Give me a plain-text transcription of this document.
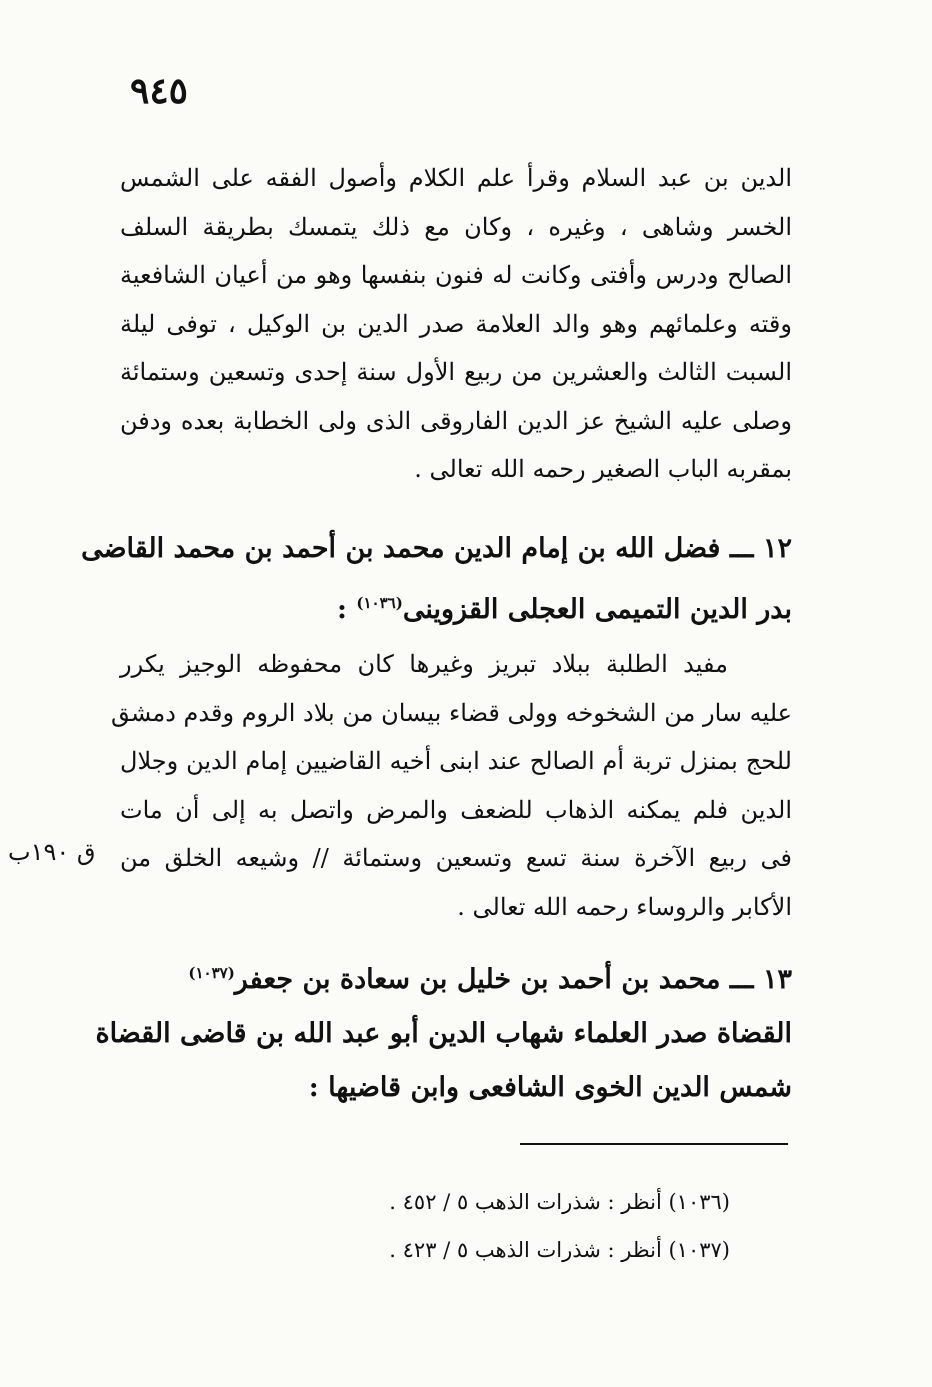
٩٤٥
الدين بن عبد السلام وقرأ علم الكلام وأصول الفقه على الشمس
الخسر وشاهى ، وغيره ، وكان مع ذلك يتمسك بطريقة السلف
الصالح ودرس وأفتى وكانت له فنون بنفسها وهو من أعيان الشافعية
وقته وعلمائهم وهو والد العلامة صدر الدين بن الوكيل ، توفى ليلة
السبت الثالث والعشرين من ربيع الأول سنة إحدى وتسعين وستمائة
وصلى عليه الشيخ عز الدين الفاروقى الذى ولى الخطابة بعده ودفن
بمقربه الباب الصغير رحمه الله تعالى .
١٢ ـــ فضل الله بن إمام الدين محمد بن أحمد بن محمد القاضى
بدر الدين التميمى العجلى القزوينى$^{(١٠٣٦)}$ :
مفيد الطلبة ببلاد تبريز وغيرها كان محفوظه الوجيز يكرر
عليه سار من الشخوخه وولى قضاء بيسان من بلاد الروم وقدم دمشق
للحج بمنزل تربة أم الصالح عند ابنى أخيه القاضيين إمام الدين وجلال
الدين فلم يمكنه الذهاب للضعف والمرض واتصل به إلى أن مات
فى ربيع الآخرة سنة تسع وتسعين وستمائة // وشيعه الخلق من
الأكابر والروساء رحمه الله تعالى .
ق ١٩٠ب
١٣ ـــ محمد بن أحمد بن خليل بن سعادة بن جعفر$^{(١٠٣٧)}$
القضاة صدر العلماء شهاب الدين أبو عبد الله بن قاضى القضاة
شمس الدين الخوى الشافعى وابن قاضيها :
(١٠٣٦) أنظر : شذرات الذهب ٥ / ٤٥٢ .
(١٠٣٧) أنظر : شذرات الذهب ٥ / ٤٢٣ .
